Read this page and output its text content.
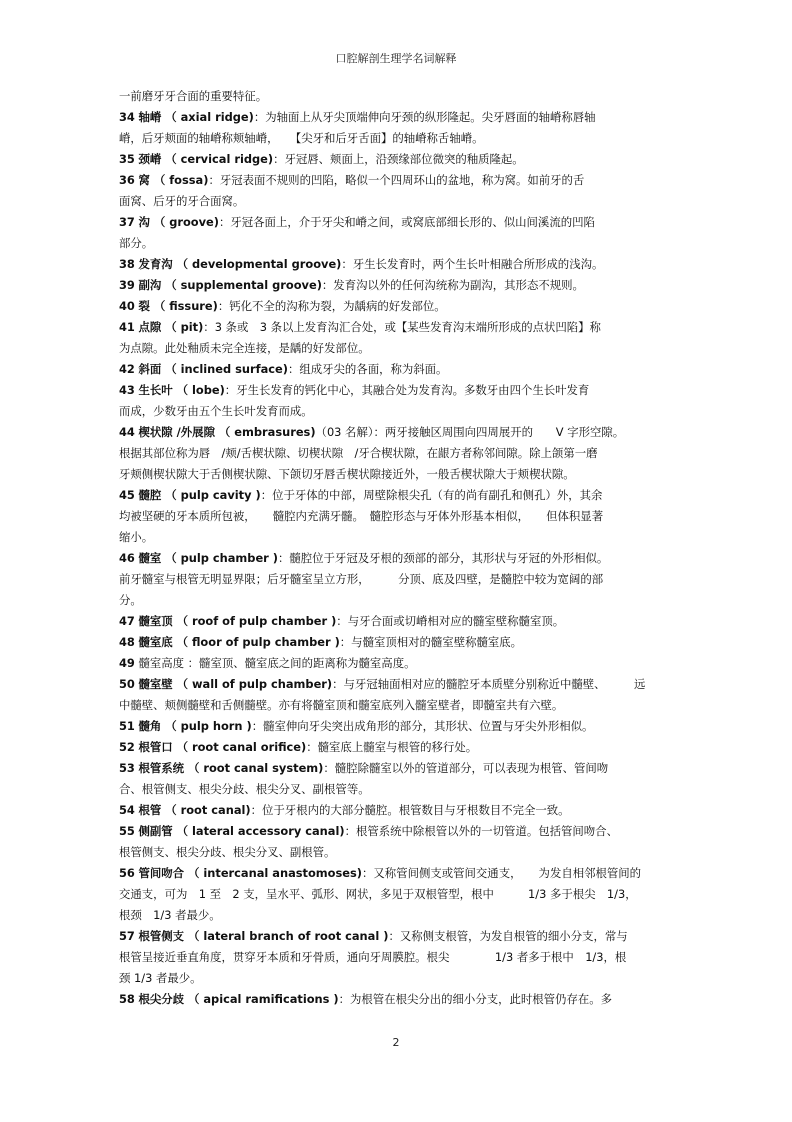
口腔解剖生理学名词解释
一前磨牙牙合面的重要特征。
34 轴嵴 （ axial ridge)：为轴面上从牙尖顶端伸向牙颈的纵形隆起。尖牙唇面的轴嵴称唇轴
嵴，后牙颊面的轴嵴称颊轴嵴，　　【尖牙和后牙舌面】的轴嵴称舌轴嵴。
35 颈嵴 （ cervical ridge)：牙冠唇、颊面上，沿颈缘部位微突的釉质隆起。
36 窝 （ fossa)：牙冠表面不规则的凹陷，略似一个四周环山的盆地，称为窝。如前牙的舌
面窝、后牙的牙合面窝。
37 沟 （ groove)：牙冠各面上，介于牙尖和嵴之间，或窝底部细长形的、似山间溪流的凹陷
部分。
38 发育沟 （ developmental groove)：牙生长发育时，两个生长叶相融合所形成的浅沟。
39 副沟 （ supplemental groove)：发育沟以外的任何沟统称为副沟，其形态不规则。
40 裂 （ fissure)：钙化不全的沟称为裂，为龋病的好发部位。
41 点隙 （ pit)：3 条或　3 条以上发育沟汇合处，或【某些发育沟末端所形成的点状凹陷】称
为点隙。此处釉质未完全连接，是龋的好发部位。
42 斜面 （ inclined surface)：组成牙尖的各面，称为斜面。
43 生长叶 （ lobe)：牙生长发育的钙化中心，其融合处为发育沟。多数牙由四个生长叶发育
而成，少数牙由五个生长叶发育而成。
44 楔状隙 /外展隙 （ embrasures)（03 名解）：两牙接触区周围向四周展开的　　V 字形空隙。
根据其部位称为唇　/颊/舌楔状隙、切楔状隙　/牙合楔状隙，在龈方者称邻间隙。除上颌第一磨
牙颊侧楔状隙大于舌侧楔状隙、下颌切牙唇舌楔状隙接近外，一般舌楔状隙大于颊楔状隙。
45 髓腔 （ pulp cavity )：位于牙体的中部，周壁除根尖孔（有的尚有副孔和侧孔）外，其余
均被坚硬的牙本质所包被，　　髓腔内充满牙髓。　髓腔形态与牙体外形基本相似，　　但体积显著
缩小。
46 髓室 （ pulp chamber )：髓腔位于牙冠及牙根的颈部的部分，其形状与牙冠的外形相似。
前牙髓室与根管无明显界限；后牙髓室呈立方形，　　　分顶、底及四壁，是髓腔中较为宽阔的部
分。
47 髓室顶 （ roof of pulp chamber )：与牙合面或切嵴相对应的髓室壁称髓室顶。
48 髓室底 （ floor of pulp chamber )：与髓室顶相对的髓室壁称髓室底。
49 髓室高度 ：髓室顶、髓室底之间的距离称为髓室高度。
50 髓室壁 （ wall of pulp chamber)：与牙冠轴面相对应的髓腔牙本质壁分别称近中髓壁、　　　远
中髓壁、颊侧髓壁和舌侧髓壁。亦有将髓室顶和髓室底列入髓室壁者，即髓室共有六壁。
51 髓角 （ pulp horn )：髓室伸向牙尖突出成角形的部分，其形状、位置与牙尖外形相似。
52 根管口 （ root canal orifice)：髓室底上髓室与根管的移行处。
53 根管系统 （ root canal system)：髓腔除髓室以外的管道部分，可以表现为根管、管间吻
合、根管侧支、根尖分歧、根尖分叉、副根管等。
54 根管 （ root canal)：位于牙根内的大部分髓腔。根管数目与牙根数目不完全一致。
55 侧副管 （ lateral accessory canal)：根管系统中除根管以外的一切管道。包括管间吻合、
根管侧支、根尖分歧、根尖分叉、副根管。
56 管间吻合 （ intercanal anastomoses)：又称管间侧支或管间交通支，　　为发自相邻根管间的
交通支，可为　1 至　2 支，呈水平、弧形、网状，多见于双根管型，根中　　　1/3 多于根尖　1/3，
根颈　1/3 者最少。
57 根管侧支 （ lateral branch of root canal )：又称侧支根管，为发自根管的细小分支，常与
根管呈接近垂直角度，贯穿牙本质和牙骨质，通向牙周膜腔。根尖　　　　1/3 者多于根中　1/3，根
颈 1/3 者最少。
58 根尖分歧 （ apical ramifications )：为根管在根尖分出的细小分支，此时根管仍存在。多
2
